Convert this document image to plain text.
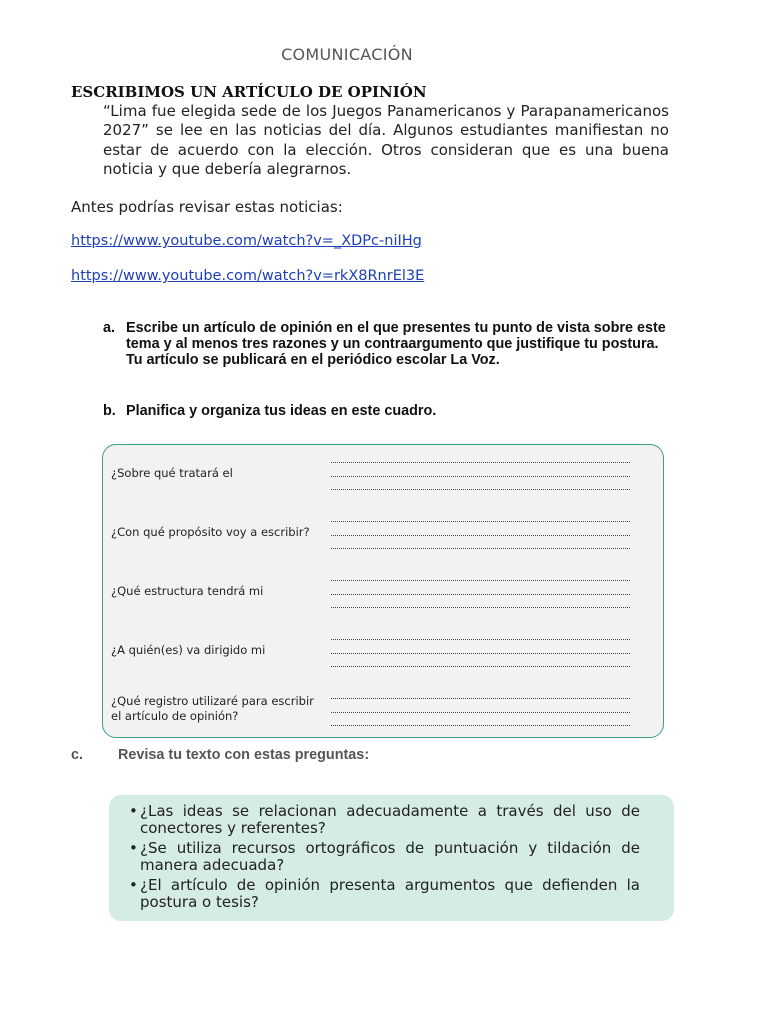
COMUNICACIÓN
ESCRIBIMOS UN ARTÍCULO DE OPINIÓN
“Lima fue elegida sede de los Juegos Panamericanos y Parapanamericanos 2027” se lee en las noticias del día. Algunos estudiantes manifiestan no estar de acuerdo con la elección. Otros consideran que es una buena noticia y que debería alegrarnos.
Antes podrías revisar estas noticias:
https://www.youtube.com/watch?v=_XDPc-niIHg
https://www.youtube.com/watch?v=rkX8RnrEl3E
a. Escribe un artículo de opinión en el que presentes tu punto de vista sobre este tema y al menos tres razones y un contraargumento que justifique tu postura. Tu artículo se publicará en el periódico escolar La Voz.
b. Planifica y organiza tus ideas en este cuadro.
¿Sobre qué tratará el
¿Con qué propósito voy a escribir?
¿Qué estructura tendrá mi
¿A quién(es) va dirigido mi
¿Qué registro utilizaré para escribir el artículo de opinión?
c. Revisa tu texto con estas preguntas:
• ¿Las ideas se relacionan adecuadamente a través del uso de conectores y referentes?
• ¿Se utiliza recursos ortográficos de puntuación y tildación de manera adecuada?
• ¿El artículo de opinión presenta argumentos que defienden la postura o tesis?
